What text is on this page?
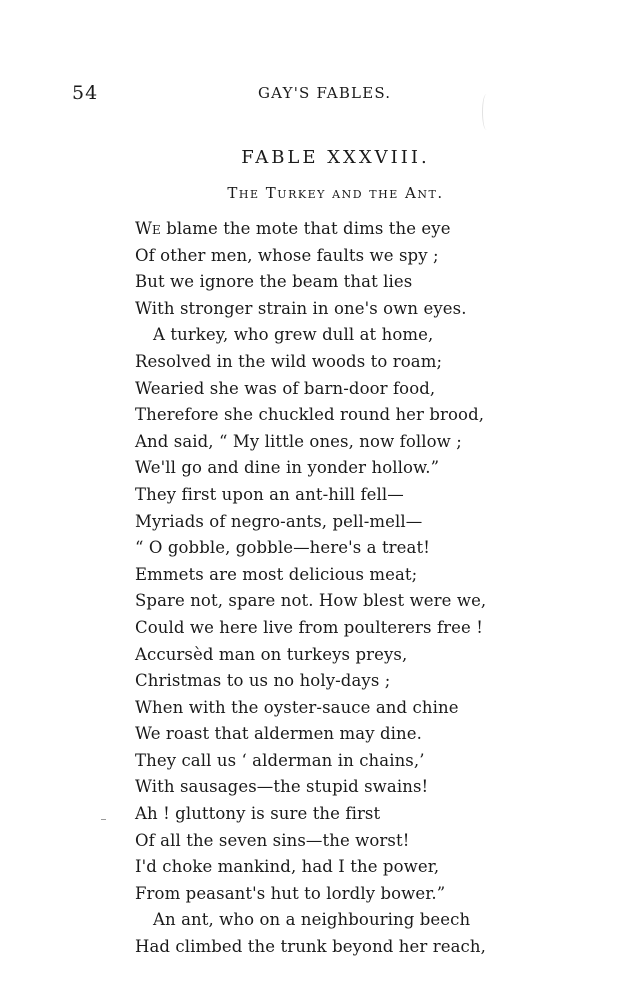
54	GAY'S FABLES.
FABLE XXXVIII.
The Turkey and the Ant.
We blame the mote that dims the eye
Of other men, whose faults we spy ;
But we ignore the beam that lies
With stronger strain in one's own eyes.
A turkey, who grew dull at home,
Resolved in the wild woods to roam;
Wearied she was of barn-door food,
Therefore she chuckled round her brood,
And said, “ My little ones, now follow ;
We'll go and dine in yonder hollow.”
They first upon an ant-hill fell—
Myriads of negro-ants, pell-mell—
“ O gobble, gobble—here's a treat!
Emmets are most delicious meat;
Spare not, spare not. How blest were we,
Could we here live from poulterers free !
Accursèd man on turkeys preys,
Christmas to us no holy-days ;
When with the oyster-sauce and chine
We roast that aldermen may dine.
They call us ‘ alderman in chains,’
With sausages—the stupid swains!
Ah ! gluttony is sure the first
Of all the seven sins—the worst!
I'd choke mankind, had I the power,
From peasant's hut to lordly bower.”
An ant, who on a neighbouring beech
Had climbed the trunk beyond her reach,
